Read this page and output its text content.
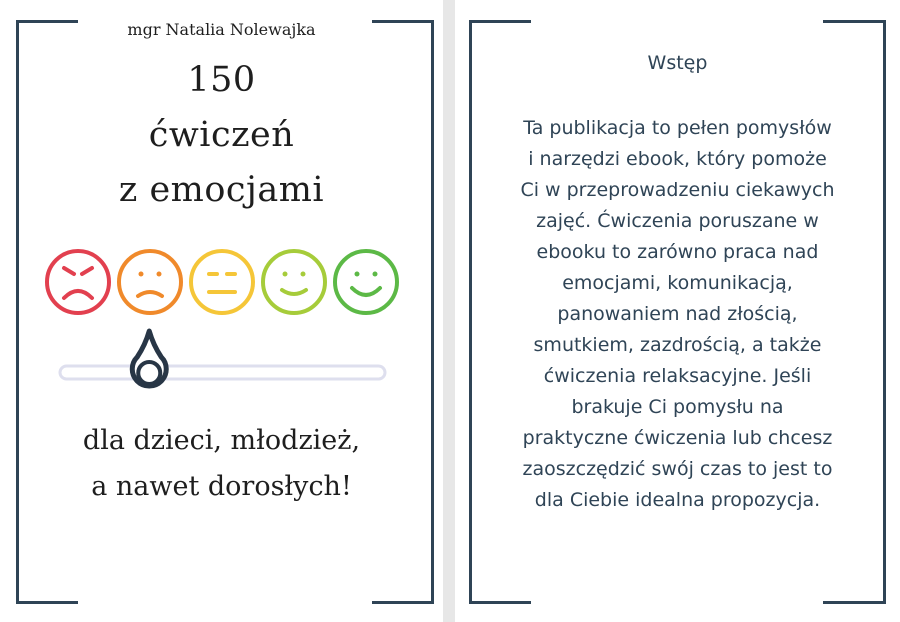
mgr Natalia Nolewajka
150
ćwiczeń
z emocjami
dla dzieci, młodzież,
a nawet dorosłych!
Wstęp
Ta publikacja to pełen pomysłów
i narzędzi ebook, który pomoże
Ci w przeprowadzeniu ciekawych
zajęć. Ćwiczenia poruszane w
ebooku to zarówno praca nad
emocjami, komunikacją,
panowaniem nad złością,
smutkiem, zazdrością, a także
ćwiczenia relaksacyjne. Jeśli
brakuje Ci pomysłu na
praktyczne ćwiczenia lub chcesz
zaoszczędzić swój czas to jest to
dla Ciebie idealna propozycja.
